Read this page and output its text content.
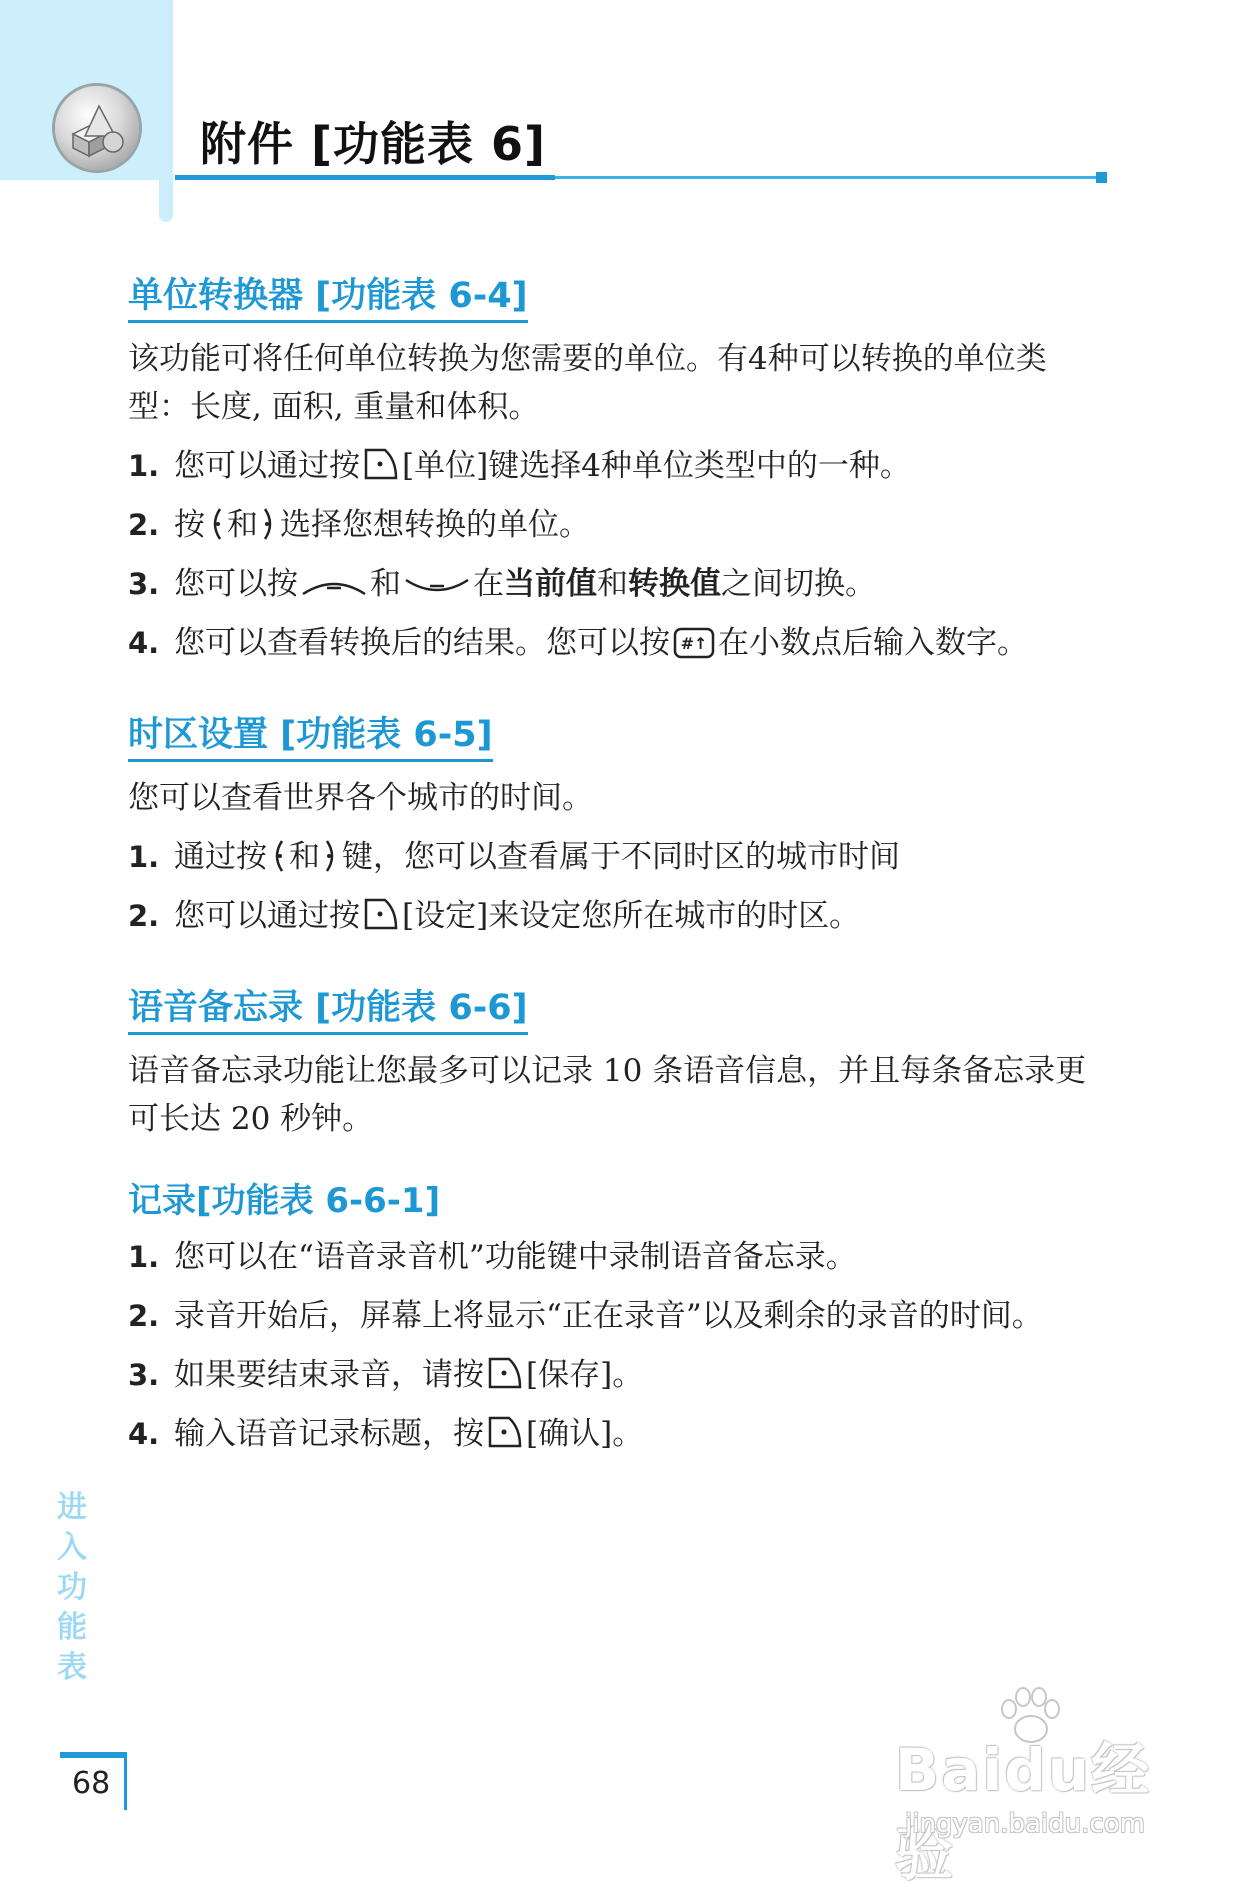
附件 [功能表 6]
单位转换器 [功能表 6-4]

该功能可将任何单位转换为您需要的单位。有4种可以转换的单位类型：长度, 面积, 重量和体积。

1. 您可以通过按 [单位]键选择4种单位类型中的一种。
2. 按 和 选择您想转换的单位。
3. 您可以按 和 在当前值和转换值之间切换。
4. 您可以查看转换后的结果。您可以按 #↑ 在小数点后输入数字。
时区设置 [功能表 6-5]

您可以查看世界各个城市的时间。

1. 通过按 和 键，您可以查看属于不同时区的城市时间
2. 您可以通过按 [设定]来设定您所在城市的时区。
语音备忘录 [功能表 6-6]

语音备忘录功能让您最多可以记录 10 条语音信息，并且每条备忘录更可长达 20 秒钟。

记录[功能表 6-6-1]
1. 您可以在“语音录音机”功能键中录制语音备忘录。
2. 录音开始后，屏幕上将显示“正在录音”以及剩余的录音的时间。
3. 如果要结束录音，请按 [保存]。
4. 输入语音记录标题，按 [确认]。
进
入
功
能
表
68	Baidu经验
jingyan.baidu.com
